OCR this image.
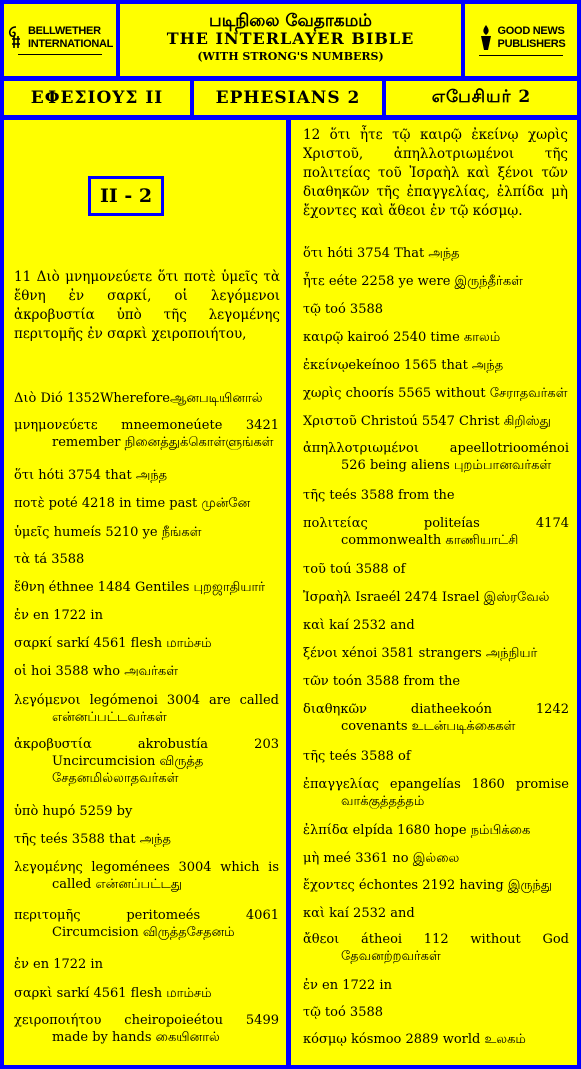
BELLWETHER
INTERNATIONAL
படிநிலை வேதாகமம்
THE INTERLAYER BIBLE
(WITH STRONG'S NUMBERS)
GOOD NEWS
PUBLISHERS
ΕΦΕΣΙΟΥΣ II	EPHESIANS 2	எபேசியர் 2
II - 2
11 Διὸ μνημονεύετε ὅτι ποτὲ ὑμεῖς τὰ ἔθνη ἐν σαρκί, οἱ λεγόμενοι ἀκροβυστία ὑπὸ τῆς λεγομένης περιτομῆς ἐν σαρκὶ χειροποιήτου,
Διὸ Dió 1352Whereforeஆனபடியினால்
μνημονεύετε mneemoneúete 3421
remember நினைத்துக்கொள்ளுங்கள்
ὅτι hóti 3754 that அந்த
ποτὲ poté 4218 in time past முன்னே
ὑμεῖς humeís 5210 ye நீங்கள்
τὰ tá 3588
ἔθνη éthnee 1484 Gentiles புறஜாதியார்
ἐν en 1722 in
σαρκί sarkí 4561 flesh மாம்சம்
οἱ hoi 3588 who அவர்கள்
λεγόμενοι legómenoi 3004 are called
என்னப்பட்டவர்கள்
ἀκροβυστία akrobustía 203
Uncircumcision விருத்த சேதனமில்லாதவர்கள்
ὑπὸ hupó 5259 by
τῆς teés 3588 that அந்த
λεγομένης legoménees 3004 which is
called என்னப்பட்டது
περιτομῆς peritomeés 4061
Circumcision விருத்தசேதனம்
ἐν en 1722 in
σαρκὶ sarkí 4561 flesh மாம்சம்
χειροποιήτου cheiropoieétou 5499
made by hands கையினால்
12 ὅτι ἦτε τῷ καιρῷ ἐκείνῳ χωρὶς Χριστοῦ, ἀπηλλοτριωμένοι τῆς πολιτείας τοῦ Ἰσραὴλ καὶ ξένοι τῶν διαθηκῶν τῆς ἐπαγγελίας, ἐλπίδα μὴ ἔχοντες καὶ ἄθεοι ἐν τῷ κόσμῳ.
ὅτι hóti 3754 That அந்த
ἦτε eéte 2258 ye were இருந்தீர்கள்
τῷ toó 3588
καιρῷ kairoó 2540 time காலம்
ἐκείνῳekeínoo 1565 that அந்த
χωρὶς choorís 5565 without சேராதவர்கள்
Χριστοῦ Christoú 5547 Christ கிறிஸ்து
ἀπηλλοτριωμένοι apeellotriooménoi
526 being aliens புறம்பானவர்கள்
τῆς teés 3588 from the
πολιτείας politeías 4174
commonwealth காணியாட்சி
τοῦ toú 3588 of
Ἰσραὴλ Israeél 2474 Israel இஸ்ரவேல்
καὶ kaí 2532 and
ξένοι xénoi 3581 strangers அந்நியர்
τῶν toón 3588 from the
διαθηκῶν diatheekoón 1242
covenants உடன்படிக்கைகள்
τῆς teés 3588 of
ἐπαγγελίας epangelías 1860 promise
வாக்குத்தத்தம்
ἐλπίδα elpída 1680 hope நம்பிக்கை
μὴ meé 3361 no இல்லை
ἔχοντες échontes 2192 having இருந்து
καὶ kaí 2532 and
ἄθεοι átheoi 112 without God
தேவனற்றவர்கள்
ἐν en 1722 in
τῷ toó 3588
κόσμῳ kósmoo 2889 world உலகம்
